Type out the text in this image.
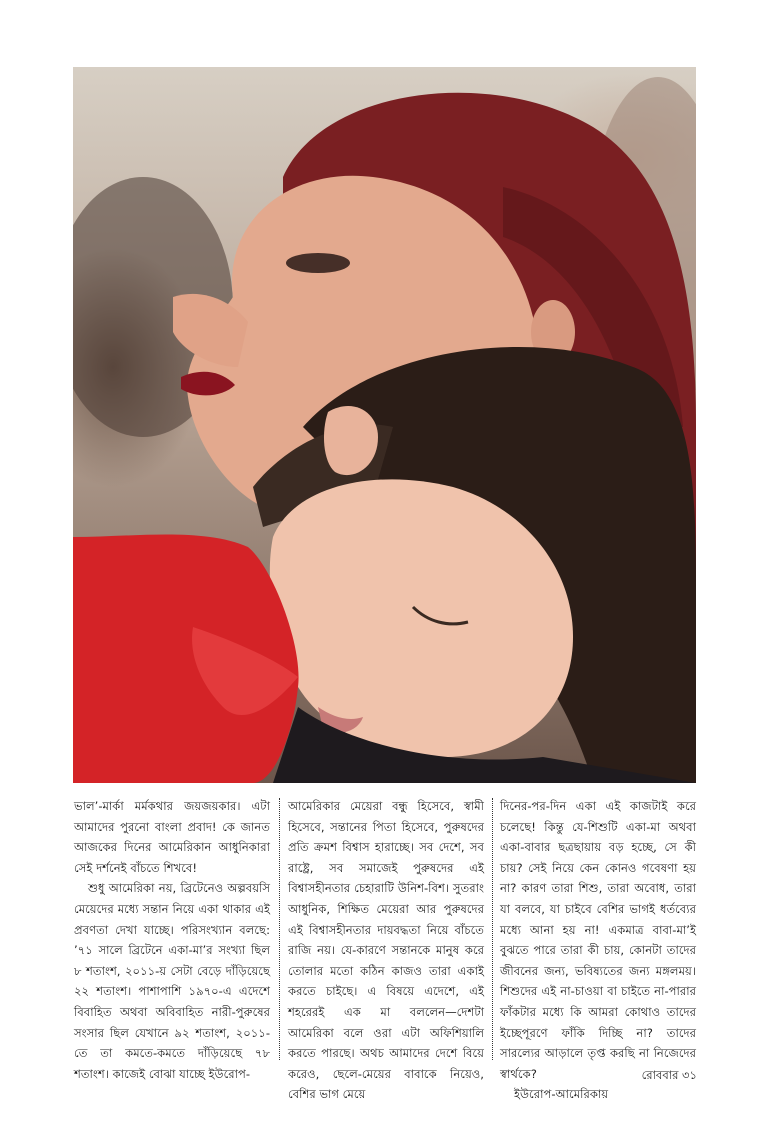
ভাল’-মার্কা মর্মকথার জয়জয়কার। এটা আমাদের পুরনো বাংলা প্রবাদ! কে জানত আজকের দিনের আমেরিকান আধুনিকারা সেই দর্শনেই বাঁচতে শিখবে!

শুধু আমেরিকা নয়, ব্রিটেনেও অল্পবয়সি মেয়েদের মধ্যে সন্তান নিয়ে একা থাকার এই প্রবণতা দেখা যাচ্ছে। পরিসংখ্যান বলছে: ’৭১ সালে ব্রিটেনে একা-মা’র সংখ্যা ছিল ৮ শতাংশ, ২০১১-য় সেটা বেড়ে দাঁড়িয়েছে ২২ শতাংশ। পাশাপাশি ১৯৭০-এ এদেশে বিবাহিত অথবা অবিবাহিত নারী-পুরুষের সংসার ছিল যেখানে ৯২ শতাংশ, ২০১১-তে তা কমতে-কমতে দাঁড়িয়েছে ৭৮ শতাংশ। কাজেই বোঝা যাচ্ছে ইউরোপ-

আমেরিকার মেয়েরা বন্ধু হিসেবে, স্বামী হিসেবে, সন্তানের পিতা হিসেবে, পুরুষদের প্রতি ক্রমশ বিশ্বাস হারাচ্ছে। সব দেশে, সব রাষ্ট্রে, সব সমাজেই পুরুষদের এই বিশ্বাসহীনতার চেহারাটি উনিশ-বিশ। সুতরাং আধুনিক, শিক্ষিত মেয়েরা আর পুরুষদের এই বিশ্বাসহীনতার দায়বদ্ধতা নিয়ে বাঁচতে রাজি নয়। যে-কারণে সন্তানকে মানুষ করে তোলার মতো কঠিন কাজও তারা একাই করতে চাইছে। এ বিষয়ে এদেশে, এই শহরেরই এক মা বললেন—দেশটা আমেরিকা বলে ওরা এটা অফিশিয়ালি করতে পারছে। অথচ আমাদের দেশে বিয়ে করেও, ছেলে-মেয়ের বাবাকে নিয়েও, বেশির ভাগ মেয়ে

দিনের-পর-দিন একা এই কাজটাই করে চলেছে! কিন্তু যে-শিশুটি একা-মা অথবা একা-বাবার ছত্রছায়ায় বড় হচ্ছে, সে কী চায়? সেই নিয়ে কেন কোনও গবেষণা হয় না? কারণ তারা শিশু, তারা অবোধ, তারা যা বলবে, যা চাইবে বেশির ভাগই ধর্তব্যের মধ্যে আনা হয় না! একমাত্র বাবা-মা’ই বুঝতে পারে তারা কী চায়, কোনটা তাদের জীবনের জন্য, ভবিষ্যতের জন্য মঙ্গলময়। শিশুদের এই না-চাওয়া বা চাইতে না-পারার ফাঁকটার মধ্যে কি আমরা কোথাও তাদের ইচ্ছেপূরণে ফাঁকি দিচ্ছি না? তাদের সারল্যের আড়ালে তৃপ্ত করছি না নিজেদের স্বার্থকে?

ইউরোপ-আমেরিকায়

রোববার ৩১
